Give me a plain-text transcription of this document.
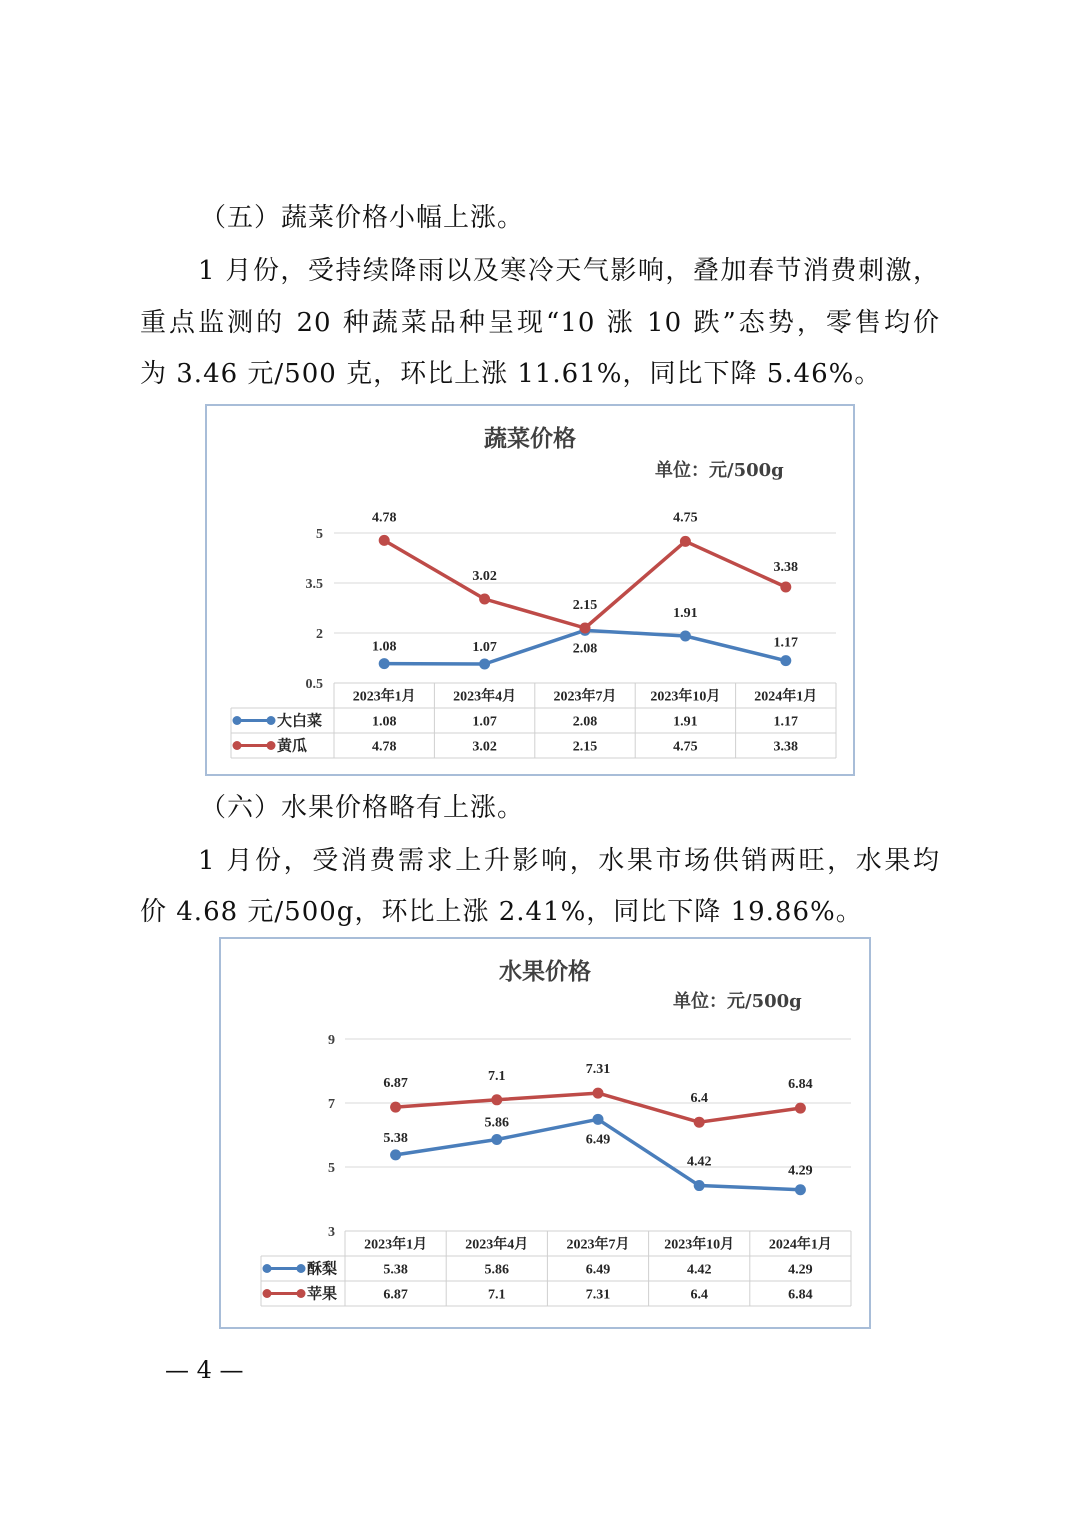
（五）蔬菜价格小幅上涨。
1 月份，受持续降雨以及寒冷天气影响，叠加春节消费刺激，
重点监测的 20 种蔬菜品种呈现“10 涨 10 跌”态势，零售均价
为 3.46 元/500 克，环比上涨 11.61%，同比下降 5.46%。
蔬菜价格
单位：元/500g
5
3.5
2
0.5
2023年1月	2023年4月	2023年7月 2023年10月 2024年1月
1.08	1.07	2.08
1.91
1.17
大白菜	1.08	1.07	2.08	1.91	1.17
4.78
3.02
2.15
4.75
3.38
黄瓜	4.78	3.02	2.15	4.75	3.38
（六）水果价格略有上涨。
1 月份，受消费需求上升影响，水果市场供销两旺，水果均
价 4.68 元/500g，环比上涨 2.41%，同比下降 19.86%。
水果价格
单位：元/500g
9
7
5
3
2023年1月	2023年4月	2023年7月 2023年10月 2024年1月
5.38
5.86
6.49
4.42
4.29
酥梨	5.38	5.86	6.49	4.42	4.29
6.87	7.1	7.31
6.4
6.84
苹果	6.87	7.1	7.31	6.4	6.84
— 4 —
